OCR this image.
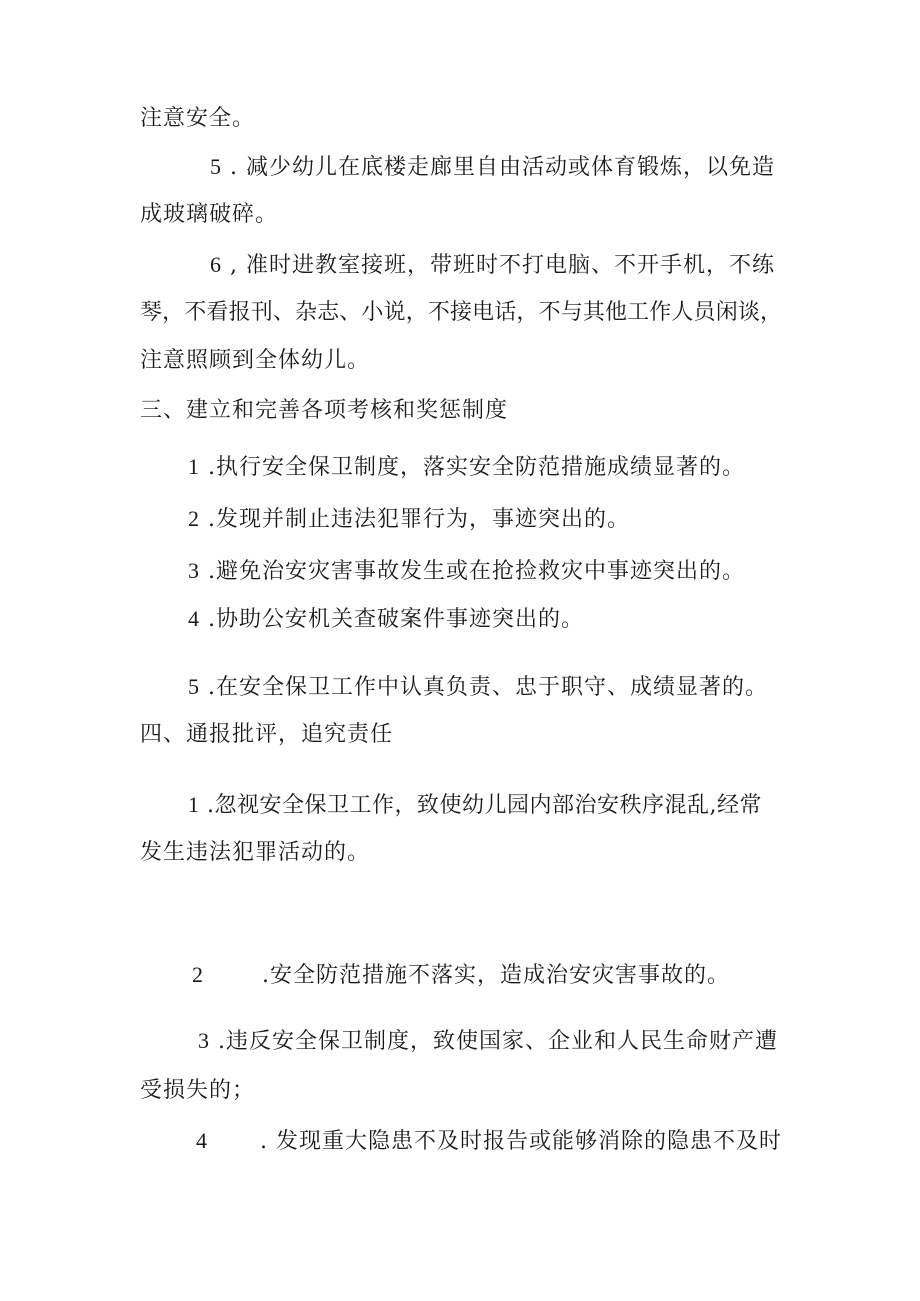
注意安全。
5 . 减少幼儿在底楼走廊里自由活动或体育锻炼，以免造
成玻璃破碎。
6 , 准时进教室接班，带班时不打电脑、不开手机，不练
琴，不看报刊、杂志、小说，不接电话，不与其他工作人员闲谈，
注意照顾到全体幼儿。
三、建立和完善各项考核和奖惩制度
1 .执行安全保卫制度，落实安全防范措施成绩显著的。
2 .发现并制止违法犯罪行为，事迹突出的。
3 .避免治安灾害事故发生或在抢捡救灾中事迹突出的。
4 .协助公安机关查破案件事迹突出的。
5 .在安全保卫工作中认真负责、忠于职守、成绩显著的。
四、通报批评，追究责任
1 .忽视安全保卫工作，致使幼儿园内部治安秩序混乱,经常
发生违法犯罪活动的。
2	.安全防范措施不落实，造成治安灾害事故的。
3 .违反安全保卫制度，致使国家、企业和人民生命财产遭
受损失的；
4 . 发现重大隐患不及时报告或能够消除的隐患不及时
